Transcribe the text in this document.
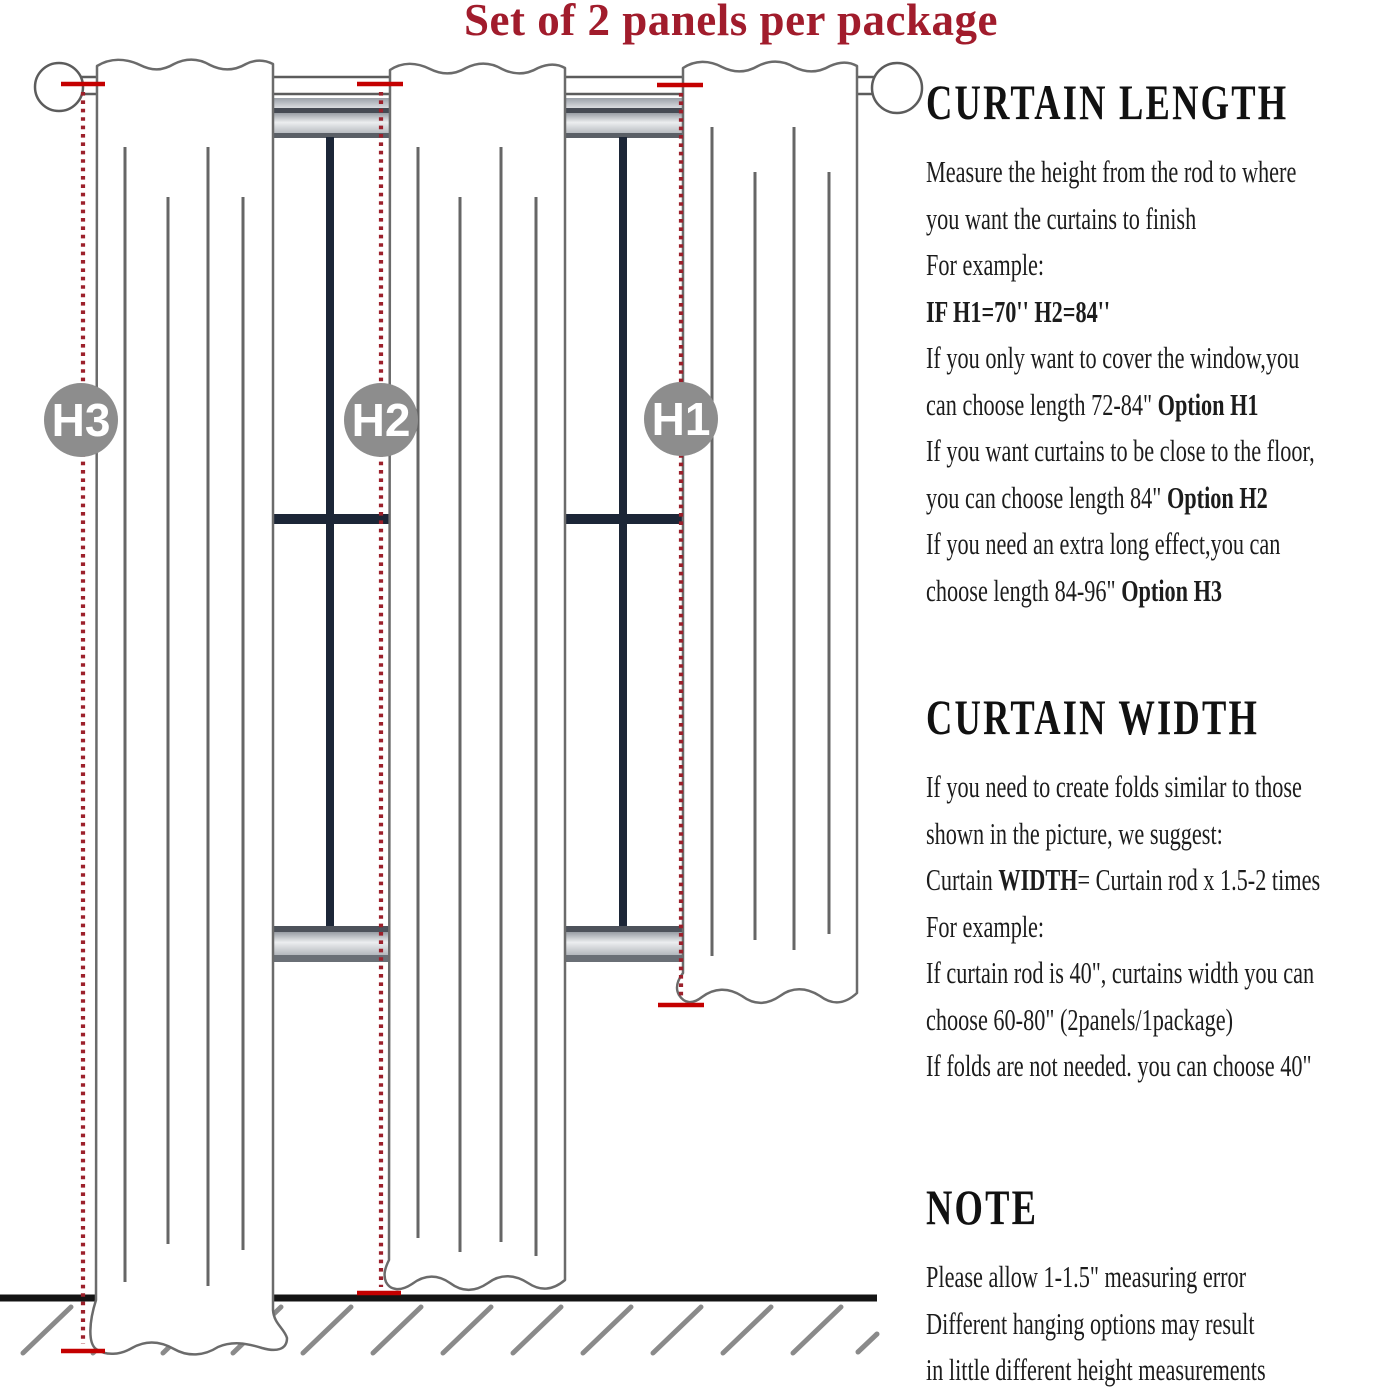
Set of 2 panels per package
H3	H2	H1
CURTAIN LENGTH
Measure the height from the rod to where
you want the curtains to finish
For example:
IF H1=70'' H2=84''
If you only want to cover the window,you
can choose length 72-84" Option H1
If you want curtains to be close to the floor,
you can choose length 84" Option H2
If you need an extra long effect,you can
choose length 84-96" Option H3
CURTAIN WIDTH
If you need to create folds similar to those
shown in the picture, we suggest:
Curtain WIDTH= Curtain rod x 1.5-2 times
For example:
If curtain rod is 40", curtains width you can
choose 60-80" (2panels/1package)
If folds are not needed. you can choose 40"
NOTE
Please allow 1-1.5" measuring error
Different hanging options may result
in little different height measurements
